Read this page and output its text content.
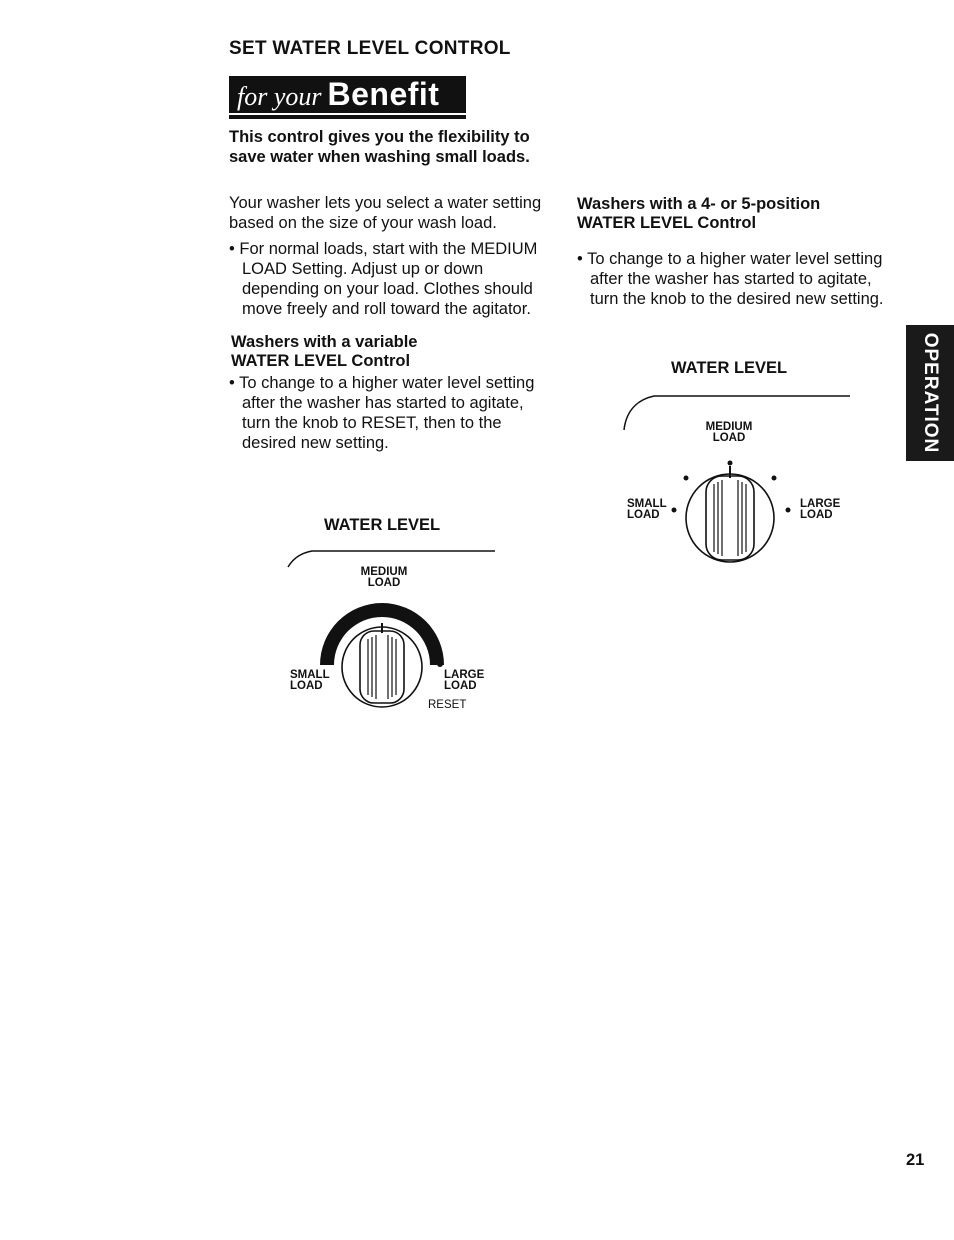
SET WATER LEVEL CONTROL
for your Benefit
This control gives you the flexibility to save water when washing small loads.

Your washer lets you select a water setting based on the size of your wash load.

• For normal loads, start with the MEDIUM LOAD Setting. Adjust up or down depending on your load. Clothes should move freely and roll toward the agitator.

Washers with a variable
WATER LEVEL Control

• To change to a higher water level setting after the washer has started to agitate, turn the knob to RESET, then to the desired new setting.

WATER LEVEL
MEDIUM
LOAD
SMALL
LOAD
LARGE
LOAD
RESET
Washers with a 4- or 5-position
WATER LEVEL Control

• To change to a higher water level setting after the washer has started to agitate, turn the knob to the desired new setting.

WATER LEVEL
MEDIUM
LOAD
SMALL
LOAD
LARGE
LOAD
OPERATION
21
